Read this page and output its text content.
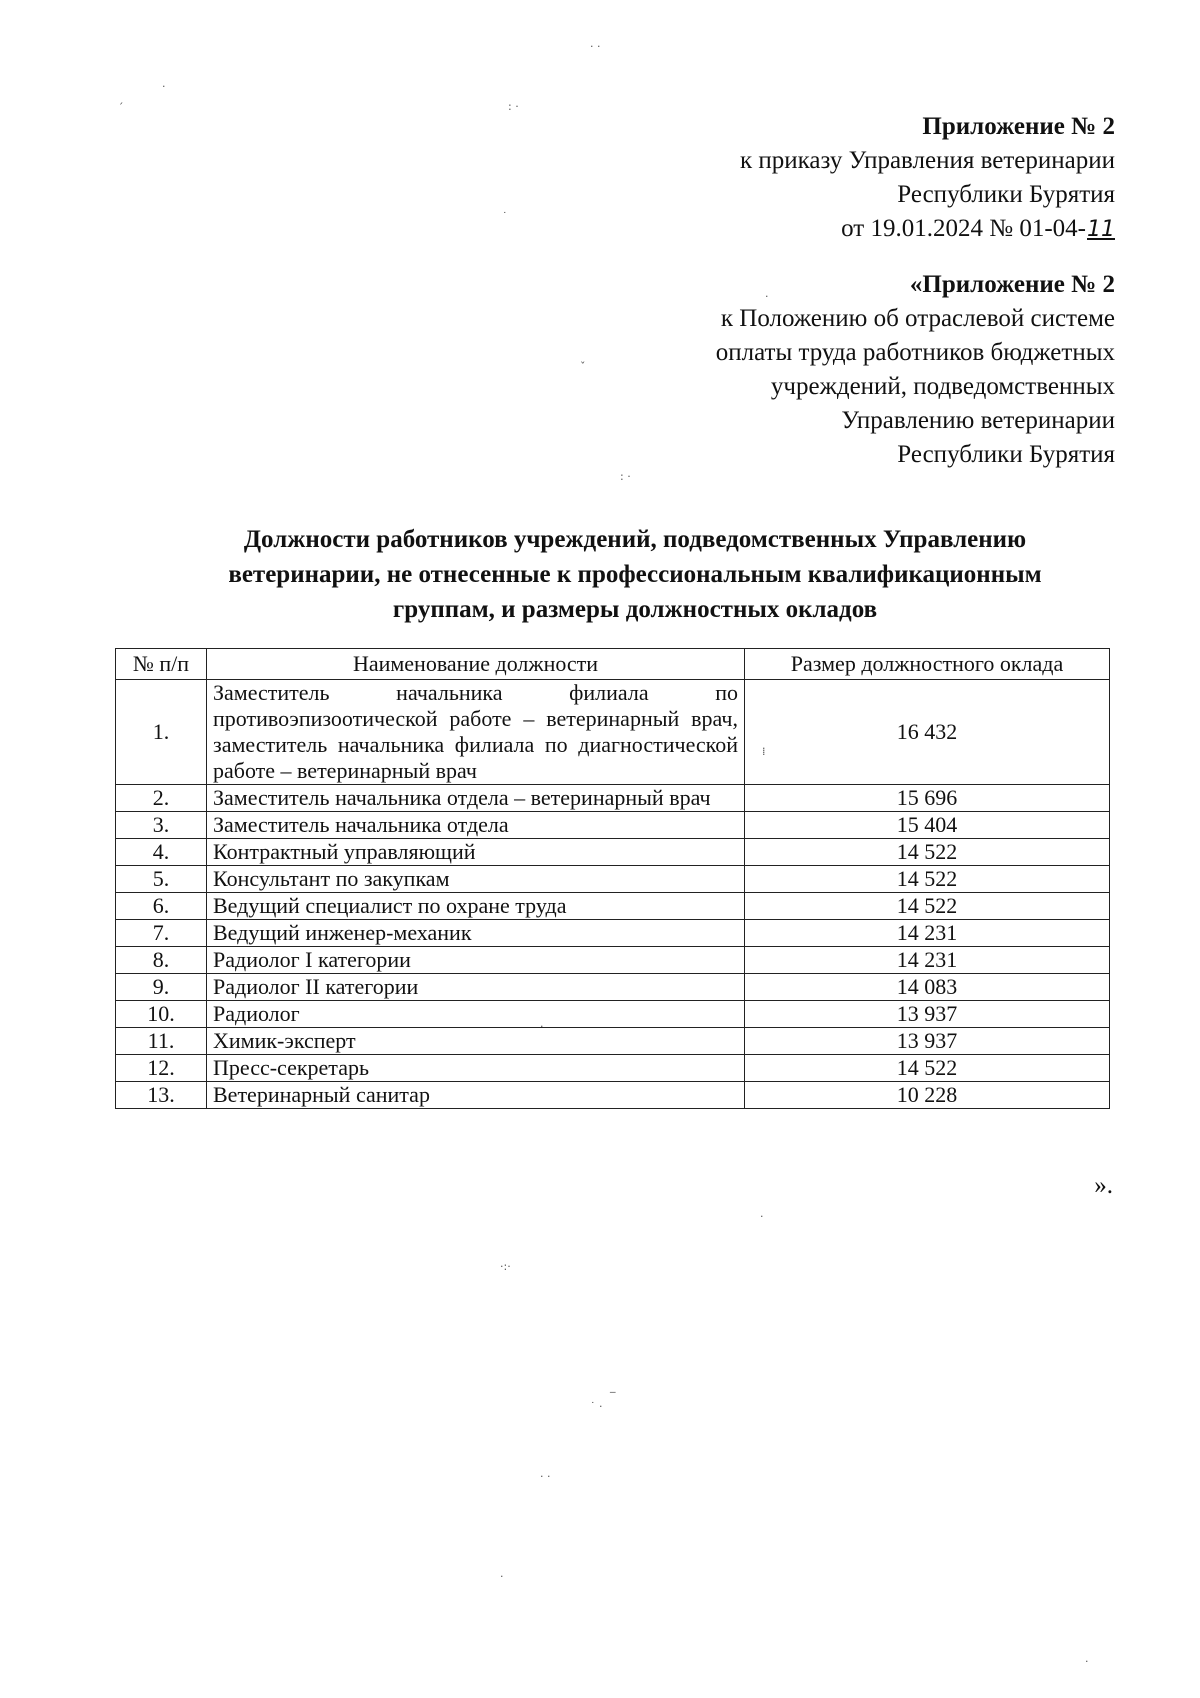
Приложение № 2
к приказу Управления ветеринарии
Республики Бурятия
от 19.01.2024 № 01-04-11
«Приложение № 2
к Положению об отраслевой системе
оплаты труда работников бюджетных
учреждений, подведомственных
Управлению ветеринарии
Республики Бурятия
Должности работников учреждений, подведомственных Управлению
ветеринарии, не отнесенные к профессиональным квалификационным
группам, и размеры должностных окладов
№ п/п	Наименование должности	Размер должностного оклада
1.	Заместитель начальника филиала по противоэпизоотической работе – ветеринарный врач, заместитель начальника филиала по диагностической работе – ветеринарный врач	16 432
2.	Заместитель начальника отдела – ветеринарный врач	15 696
3.	Заместитель начальника отдела	15 404
4.	Контрактный управляющий	14 522
5.	Консультант по закупкам	14 522
6.	Ведущий специалист по охране труда	14 522
7.	Ведущий инженер-механик	14 231
8.	Радиолог I категории	14 231
9.	Радиолог II категории	14 083
10.	Радиолог	13 937
11.	Химик-эксперт	13 937
12.	Пресс-секретарь	14 522
13.	Ветеринарный санитар	10 228
».
·
ˏ
: ·
· ·
˙
·
ˇ
: ·
⁞
·
·
·:·
_
˙ ·
· ·
·
·
